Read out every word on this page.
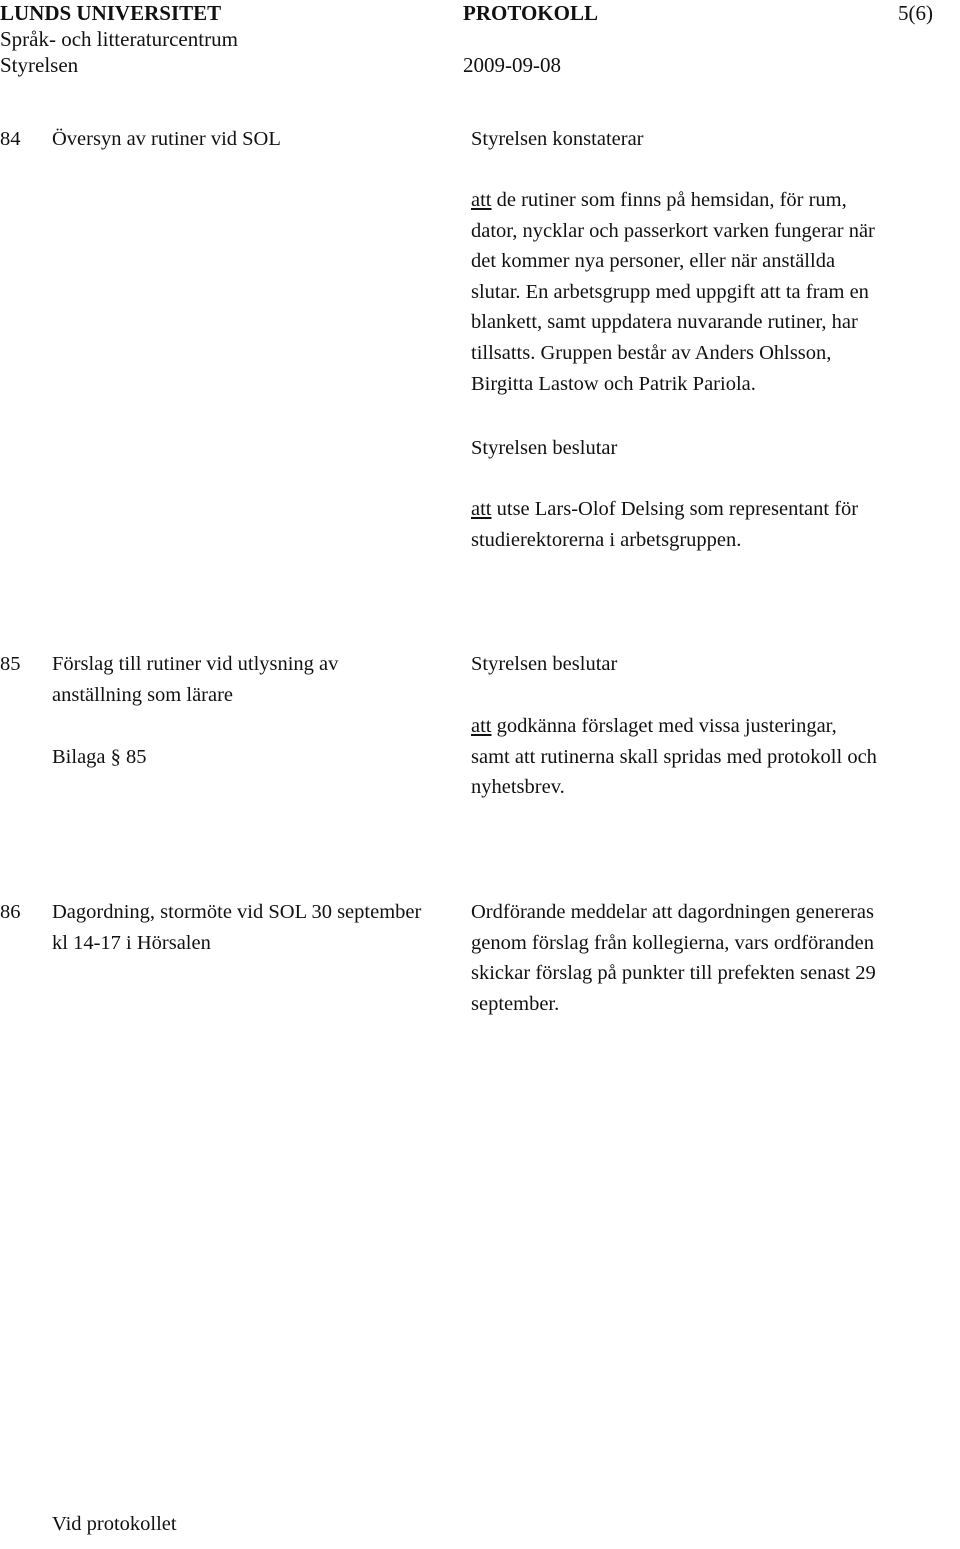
LUNDS UNIVERSITET
Språk- och litteraturcentrum
Styrelsen
PROTOKOLL
2009-09-08
5(6)
84 Översyn av rutiner vid SOL	Styrelsen konstaterar
att de rutiner som finns på hemsidan, för rum,
dator, nycklar och passerkort varken fungerar när
det kommer nya personer, eller när anställda
slutar. En arbetsgrupp med uppgift att ta fram en
blankett, samt uppdatera nuvarande rutiner, har
tillsatts. Gruppen består av Anders Ohlsson,
Birgitta Lastow och Patrik Pariola.
Styrelsen beslutar
att utse Lars-Olof Delsing som representant för
studierektorerna i arbetsgruppen.
85 Förslag till rutiner vid utlysning av
anställning som lärare
Bilaga § 85
Styrelsen beslutar
att godkänna förslaget med vissa justeringar,
samt att rutinerna skall spridas med protokoll och
nyhetsbrev.
86 Dagordning, stormöte vid SOL 30 september
kl 14-17 i Hörsalen
Ordförande meddelar att dagordningen genereras
genom förslag från kollegierna, vars ordföranden
skickar förslag på punkter till prefekten senast 29
september.
Vid protokollet
